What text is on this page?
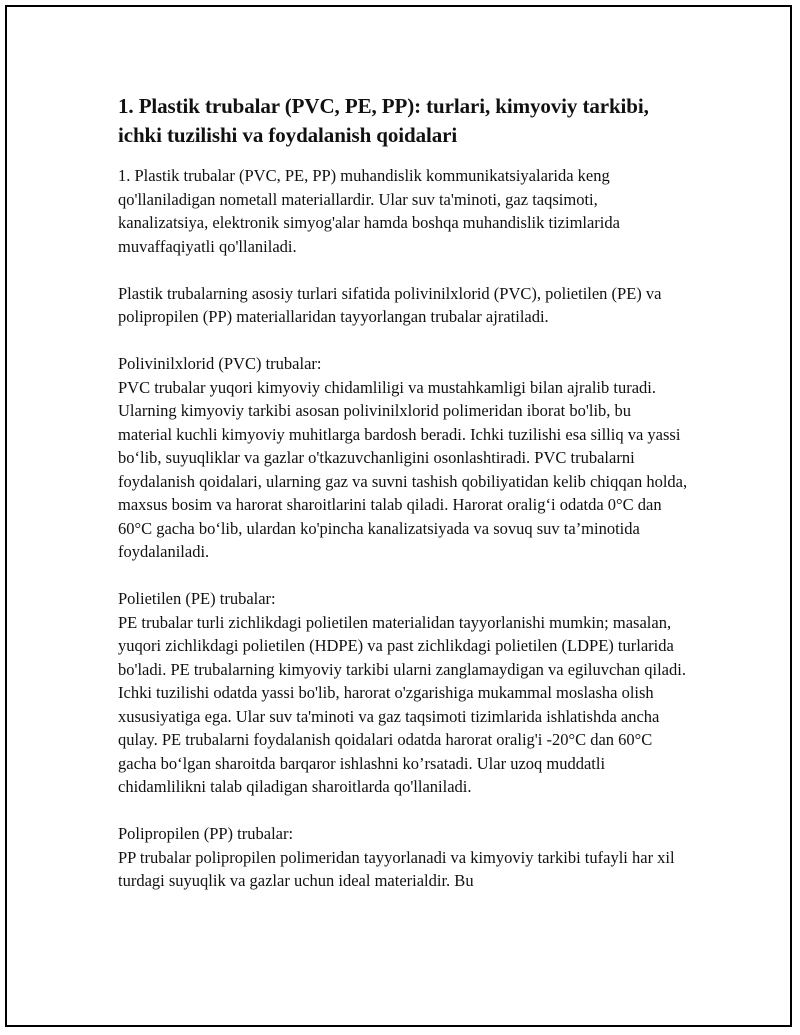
1. Plastik trubalar (PVC, PE, PP): turlari, kimyoviy tarkibi, ichki tuzilishi va foydalanish qoidalari

1. Plastik trubalar (PVC, PE, PP) muhandislik kommunikatsiyalarida keng qo'llaniladigan nometall materiallardir. Ular suv ta'minoti, gaz taqsimoti, kanalizatsiya, elektronik simyog'alar hamda boshqa muhandislik tizimlarida muvaffaqiyatli qo'llaniladi.

Plastik trubalarning asosiy turlari sifatida polivinilxlorid (PVC), polietilen (PE) va polipropilen (PP) materiallaridan tayyorlangan trubalar ajratiladi.

Polivinilxlorid (PVC) trubalar:
PVC trubalar yuqori kimyoviy chidamliligi va mustahkamligi bilan ajralib turadi. Ularning kimyoviy tarkibi asosan polivinilxlorid polimeridan iborat bo'lib, bu material kuchli kimyoviy muhitlarga bardosh beradi. Ichki tuzilishi esa silliq va yassi bo‘lib, suyuqliklar va gazlar o'tkazuvchanligini osonlashtiradi. PVC trubalarni foydalanish qoidalari, ularning gaz va suvni tashish qobiliyatidan kelib chiqqan holda, maxsus bosim va harorat sharoitlarini talab qiladi. Harorat oralig‘i odatda 0°C dan 60°C gacha bo‘lib, ulardan ko'pincha kanalizatsiyada va sovuq suv ta’minotida foydalaniladi.

Polietilen (PE) trubalar:
PE trubalar turli zichlikdagi polietilen materialidan tayyorlanishi mumkin; masalan, yuqori zichlikdagi polietilen (HDPE) va past zichlikdagi polietilen (LDPE) turlarida bo'ladi. PE trubalarning kimyoviy tarkibi ularni zanglamaydigan va egiluvchan qiladi. Ichki tuzilishi odatda yassi bo'lib, harorat o'zgarishiga mukammal moslasha olish xususiyatiga ega. Ular suv ta'minoti va gaz taqsimoti tizimlarida ishlatishda ancha qulay. PE trubalarni foydalanish qoidalari odatda harorat oralig'i -20°C dan 60°C gacha bo‘lgan sharoitda barqaror ishlashni ko’rsatadi. Ular uzoq muddatli chidamlilikni talab qiladigan sharoitlarda qo'llaniladi.

Polipropilen (PP) trubalar:
PP trubalar polipropilen polimeridan tayyorlanadi va kimyoviy tarkibi tufayli har xil turdagi suyuqlik va gazlar uchun ideal materialdir. Bu
